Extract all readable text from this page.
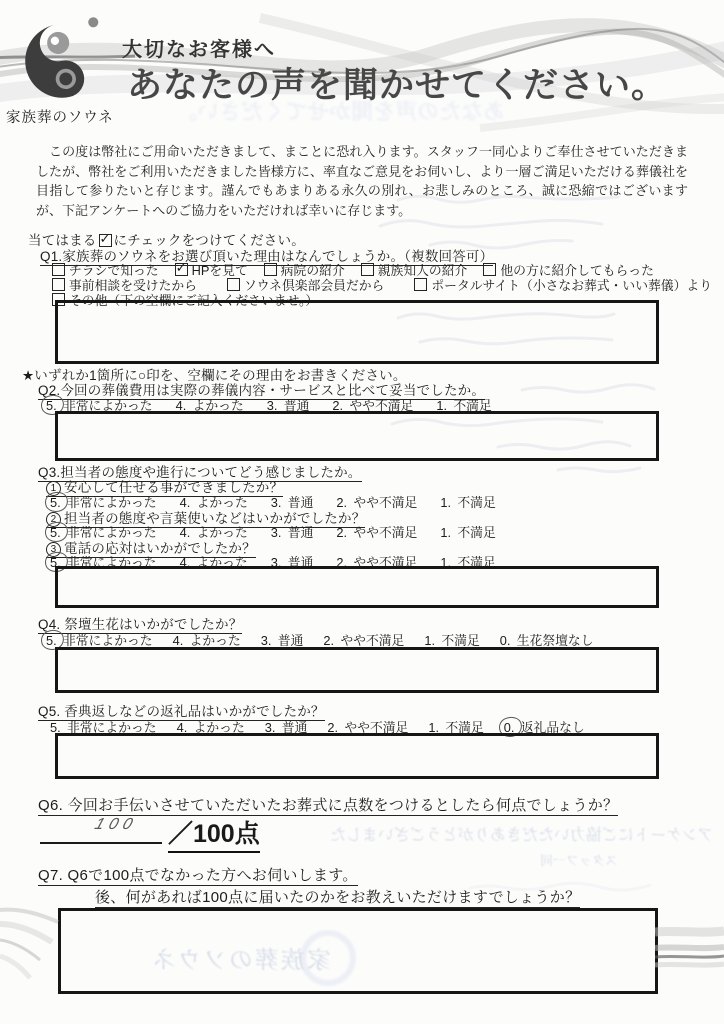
あなたの声を聞かせてください。
家族葬のソウネ
大切なお客様へ
あなたの声を聞かせてください。
この度は幣社にご用命いただきまして、まことに恐れ入ります。スタッフ一同心よりご奉仕させていただきましたが、幣社をご利用いただきました皆様方に、率直なご意見をお伺いし、より一層ご満足いただける葬儀社を目指して参りたいと存じます。謹んでもあまりある永久の別れ、お悲しみのところ、誠に恐縮ではございますが、下記アンケートへのご協力をいただければ幸いに存じます。
当てはまる ✓ にチェックをつけてください。
Q1.家族葬のソウネをお選び頂いた理由はなんでしょうか。（複数回答可）
チラシで知った ✓	HPを見て	病院の紹介	親族知人の紹介	他の方に紹介してもらった
事前相談を受けたから	ソウネ倶楽部会員だから	ポータルサイト（小さなお葬式・いい葬儀）より
その他（下の空欄にご記入くださいませ。）
★いずれか1箇所に○印を、空欄にその理由をお書きください。
Q2.今回の葬儀費用は実際の葬儀内容・サービスと比べて妥当でしたか。
5. 非常によかった 4. よかった 3. 普通 2. やや不満足 1. 不満足
Q3.担当者の態度や進行についてどう感じましたか。
1 安心して任せる事ができましたか？
5. 非常によかった 4. よかった 3. 普通 2. やや不満足 1. 不満足
2 担当者の態度や言葉使いなどはいかがでしたか？
5. 非常によかった 4. よかった 3. 普通 2. やや不満足 1. 不満足
3 電話の応対はいかがでしたか？
5. 非常によかった 4. よかった 3. 普通 2. やや不満足 1. 不満足
Q4. 祭壇生花はいかがでしたか？
5. 非常によかった 4. よかった 3. 普通 2. やや不満足 1. 不満足 0. 生花祭壇なし
Q5. 香典返しなどの返礼品はいかがでしたか？
5. 非常によかった 4. よかった 3. 普通 2. やや不満足 1. 不満足 0. 返礼品なし
Q6. 今回お手伝いさせていただいたお葬式に点数をつけるとしたら何点でしょうか？
アンケートにご協力いただきありがとうございました
スタッフ一同
100 ／100点
Q7. Q6で100点でなかった方へお伺いします。
後、何があれば100点に届いたのかをお教えいただけますでしょうか？
家族葬のソウネ
